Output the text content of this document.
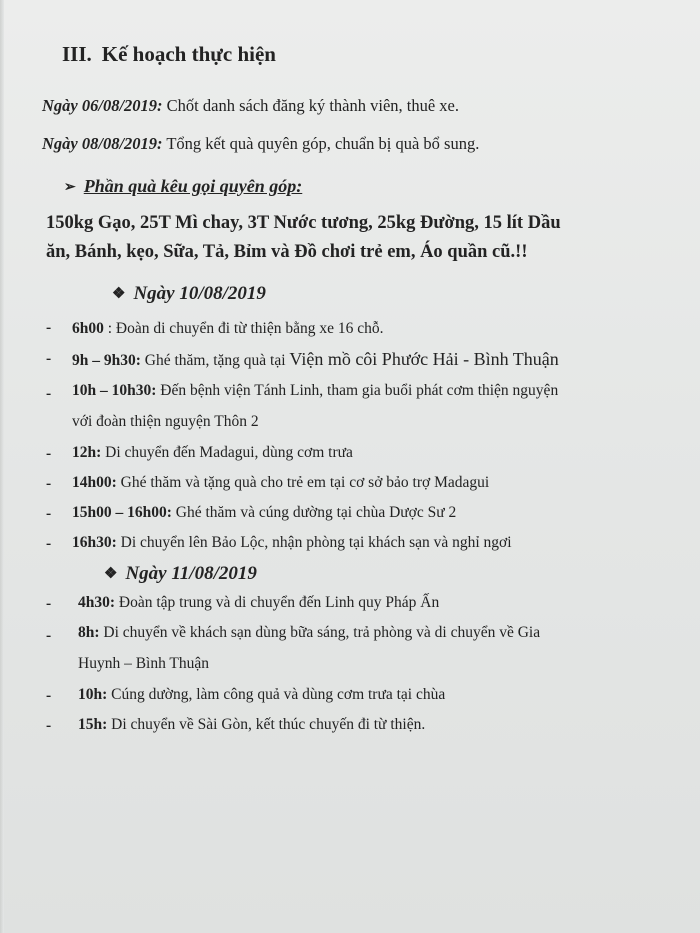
III. Kế hoạch thực hiện
Ngày 06/08/2019: Chốt danh sách đăng ký thành viên, thuê xe.
Ngày 08/08/2019: Tổng kết quà quyên góp, chuẩn bị quà bổ sung.
➢ Phần quà kêu gọi quyên góp:
150kg Gạo, 25T Mì chay, 3T Nước tương, 25kg Đường, 15 lít Dầu
ăn, Bánh, kẹo, Sữa, Tả, Bỉm và Đồ chơi trẻ em, Áo quần cũ.!!
❖ Ngày 10/08/2019
- 6h00 : Đoàn di chuyển đi từ thiện bằng xe 16 chỗ.
- 9h – 9h30: Ghé thăm, tặng quà tại Viện mồ côi Phước Hải - Bình Thuận
- 10h – 10h30: Đến bệnh viện Tánh Linh, tham gia buổi phát cơm thiện nguyện
với đoàn thiện nguyện Thôn 2
- 12h: Di chuyển đến Madagui, dùng cơm trưa
- 14h00: Ghé thăm và tặng quà cho trẻ em tại cơ sở bảo trợ Madagui
- 15h00 – 16h00: Ghé thăm và cúng dường tại chùa Dược Sư 2
- 16h30: Di chuyển lên Bảo Lộc, nhận phòng tại khách sạn và nghỉ ngơi
❖ Ngày 11/08/2019
- 4h30: Đoàn tập trung và di chuyển đến Linh quy Pháp Ấn
- 8h: Di chuyển về khách sạn dùng bữa sáng, trả phòng và di chuyển về Gia
Huynh – Bình Thuận
- 10h: Cúng dường, làm công quả và dùng cơm trưa tại chùa
- 15h: Di chuyển về Sài Gòn, kết thúc chuyến đi từ thiện.
